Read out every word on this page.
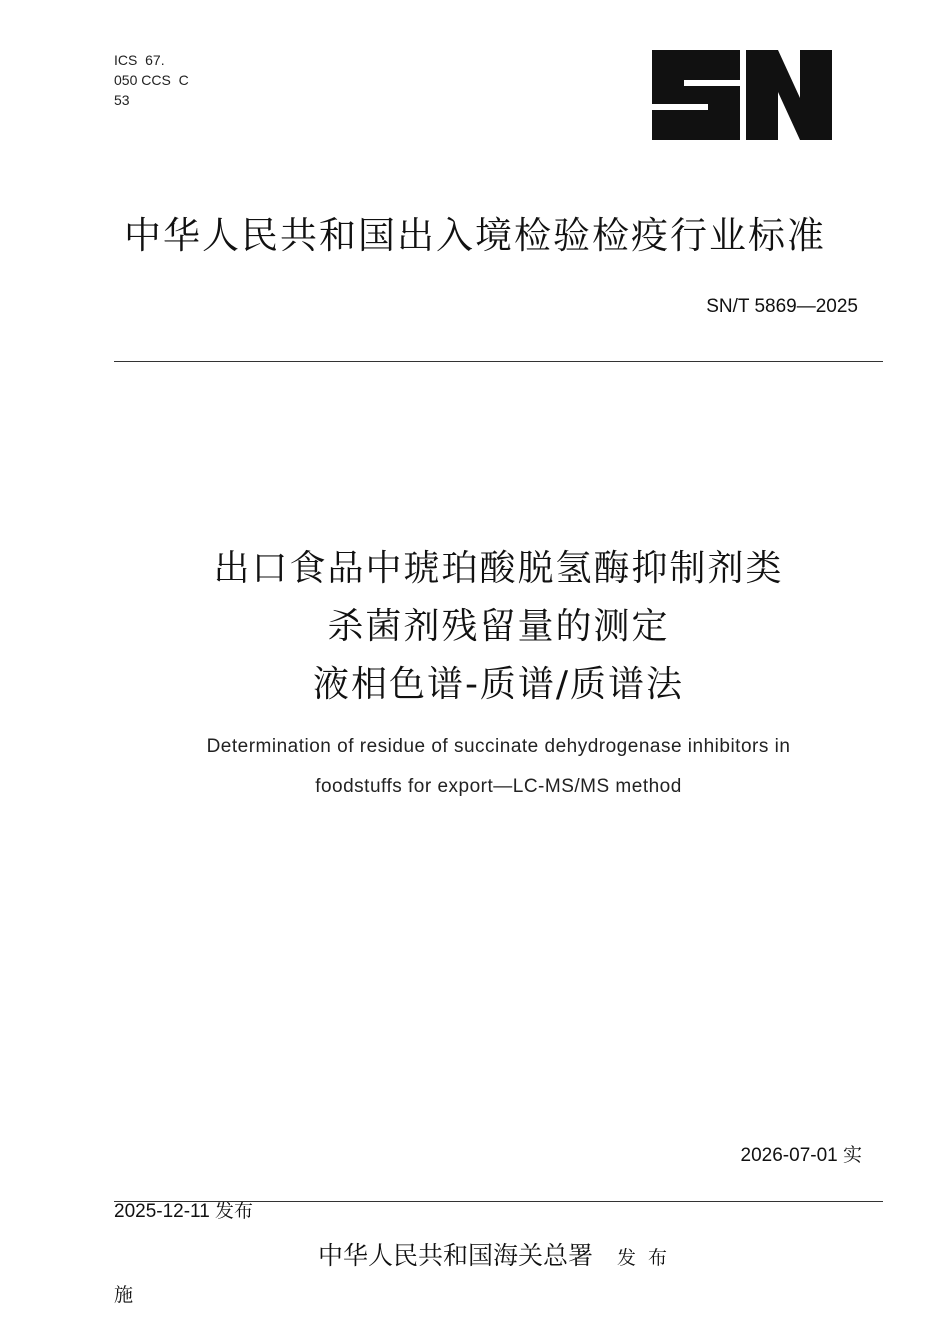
ICS  67.
050 CCS  C
53
中华人民共和国出入境检验检疫行业标准
SN/T 5869—2025
出口食品中琥珀酸脱氢酶抑制剂类
杀菌剂残留量的测定
液相色谱-质谱/质谱法
Determination of residue of succinate dehydrogenase inhibitors in
foodstuffs for export—LC-MS/MS method

2025-12-11 发布

施

2026-07-01 实
中华人民共和国海关总署 发布
